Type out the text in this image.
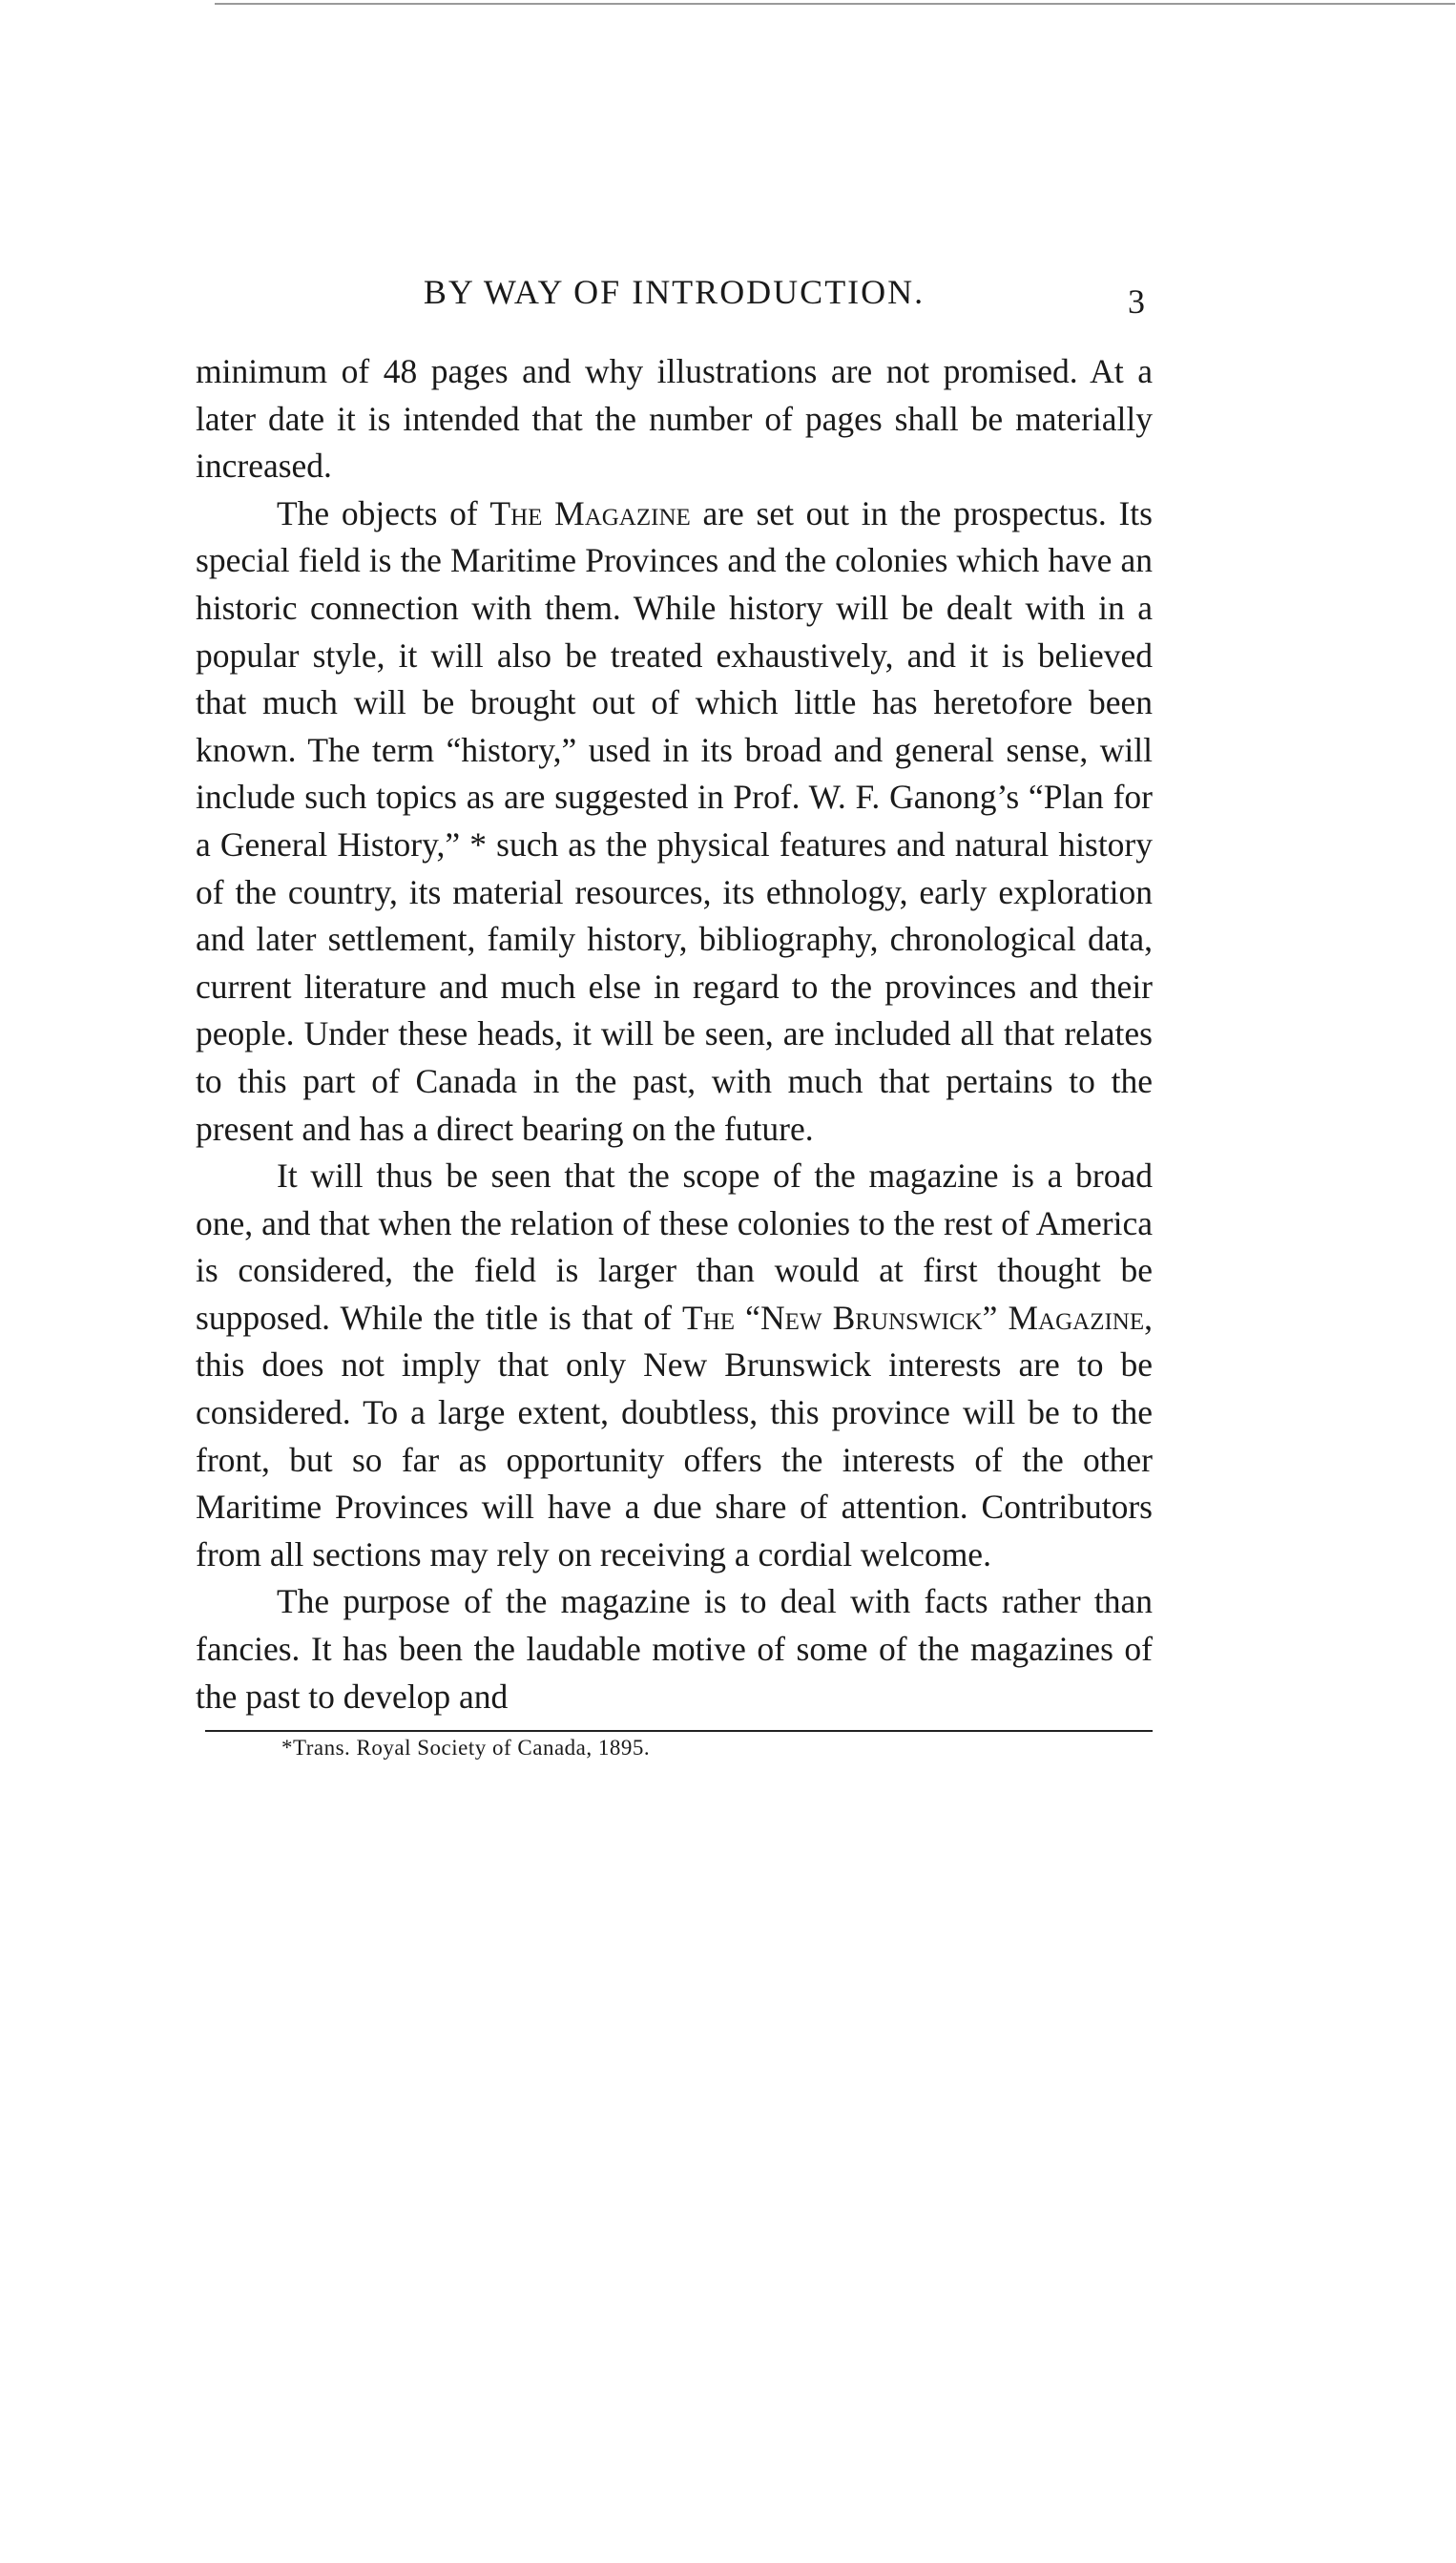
BY WAY OF INTRODUCTION.	3

minimum of 48 pages and why illustrations are not promised. At a later date it is intended that the number of pages shall be materially increased.

The objects of The Magazine are set out in the prospectus. Its special field is the Maritime Provinces and the colonies which have an historic connection with them. While history will be dealt with in a popular style, it will also be treated exhaustively, and it is believed that much will be brought out of which little has heretofore been known. The term “history,” used in its broad and general sense, will include such topics as are suggested in Prof. W. F. Ganong’s “Plan for a General History,” * such as the physical features and natural history of the country, its material resources, its ethnology, early exploration and later settlement, family history, bibliography, chronological data, current literature and much else in regard to the provinces and their people. Under these heads, it will be seen, are included all that relates to this part of Canada in the past, with much that pertains to the present and has a direct bearing on the future.

It will thus be seen that the scope of the magazine is a broad one, and that when the relation of these colonies to the rest of America is considered, the field is larger than would at first thought be supposed. While the title is that of The “New Brunswick” Magazine, this does not imply that only New Brunswick interests are to be considered. To a large extent, doubtless, this province will be to the front, but so far as opportunity offers the interests of the other Maritime Provinces will have a due share of attention. Contributors from all sections may rely on receiving a cordial welcome.

The purpose of the magazine is to deal with facts rather than fancies. It has been the laudable motive of some of the magazines of the past to develop and

*Trans. Royal Society of Canada, 1895.
